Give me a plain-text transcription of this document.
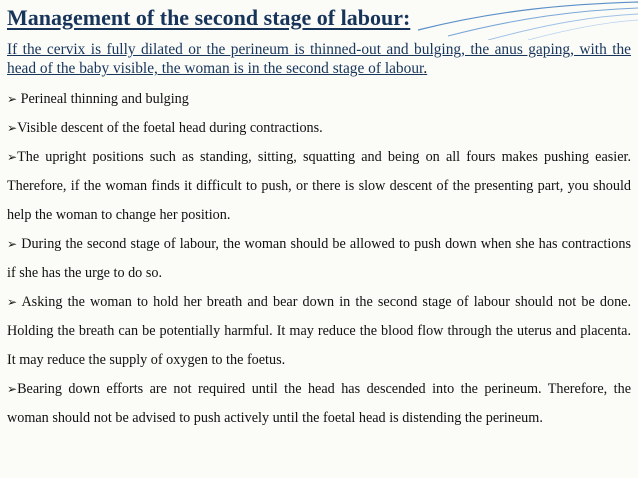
Management of the second stage of labour:
If the cervix is fully dilated or the perineum is thinned-out and bulging, the anus gaping, with the head of the baby visible, the woman is in the second stage of labour.
➢ Perineal thinning and bulging
➢Visible descent of the foetal head during contractions.
➢The upright positions such as standing, sitting, squatting and being on all fours makes pushing easier. Therefore, if the woman finds it difficult to push, or there is slow descent of the presenting part, you should help the woman to change her position.
➢ During the second stage of labour, the woman should be allowed to push down when she has contractions if she has the urge to do so.
➢ Asking the woman to hold her breath and bear down in the second stage of labour should not be done. Holding the breath can be potentially harmful. It may reduce the blood flow through the uterus and placenta. It may reduce the supply of oxygen to the foetus.
➢Bearing down efforts are not required until the head has descended into the perineum. Therefore, the woman should not be advised to push actively until the foetal head is distending the perineum.
